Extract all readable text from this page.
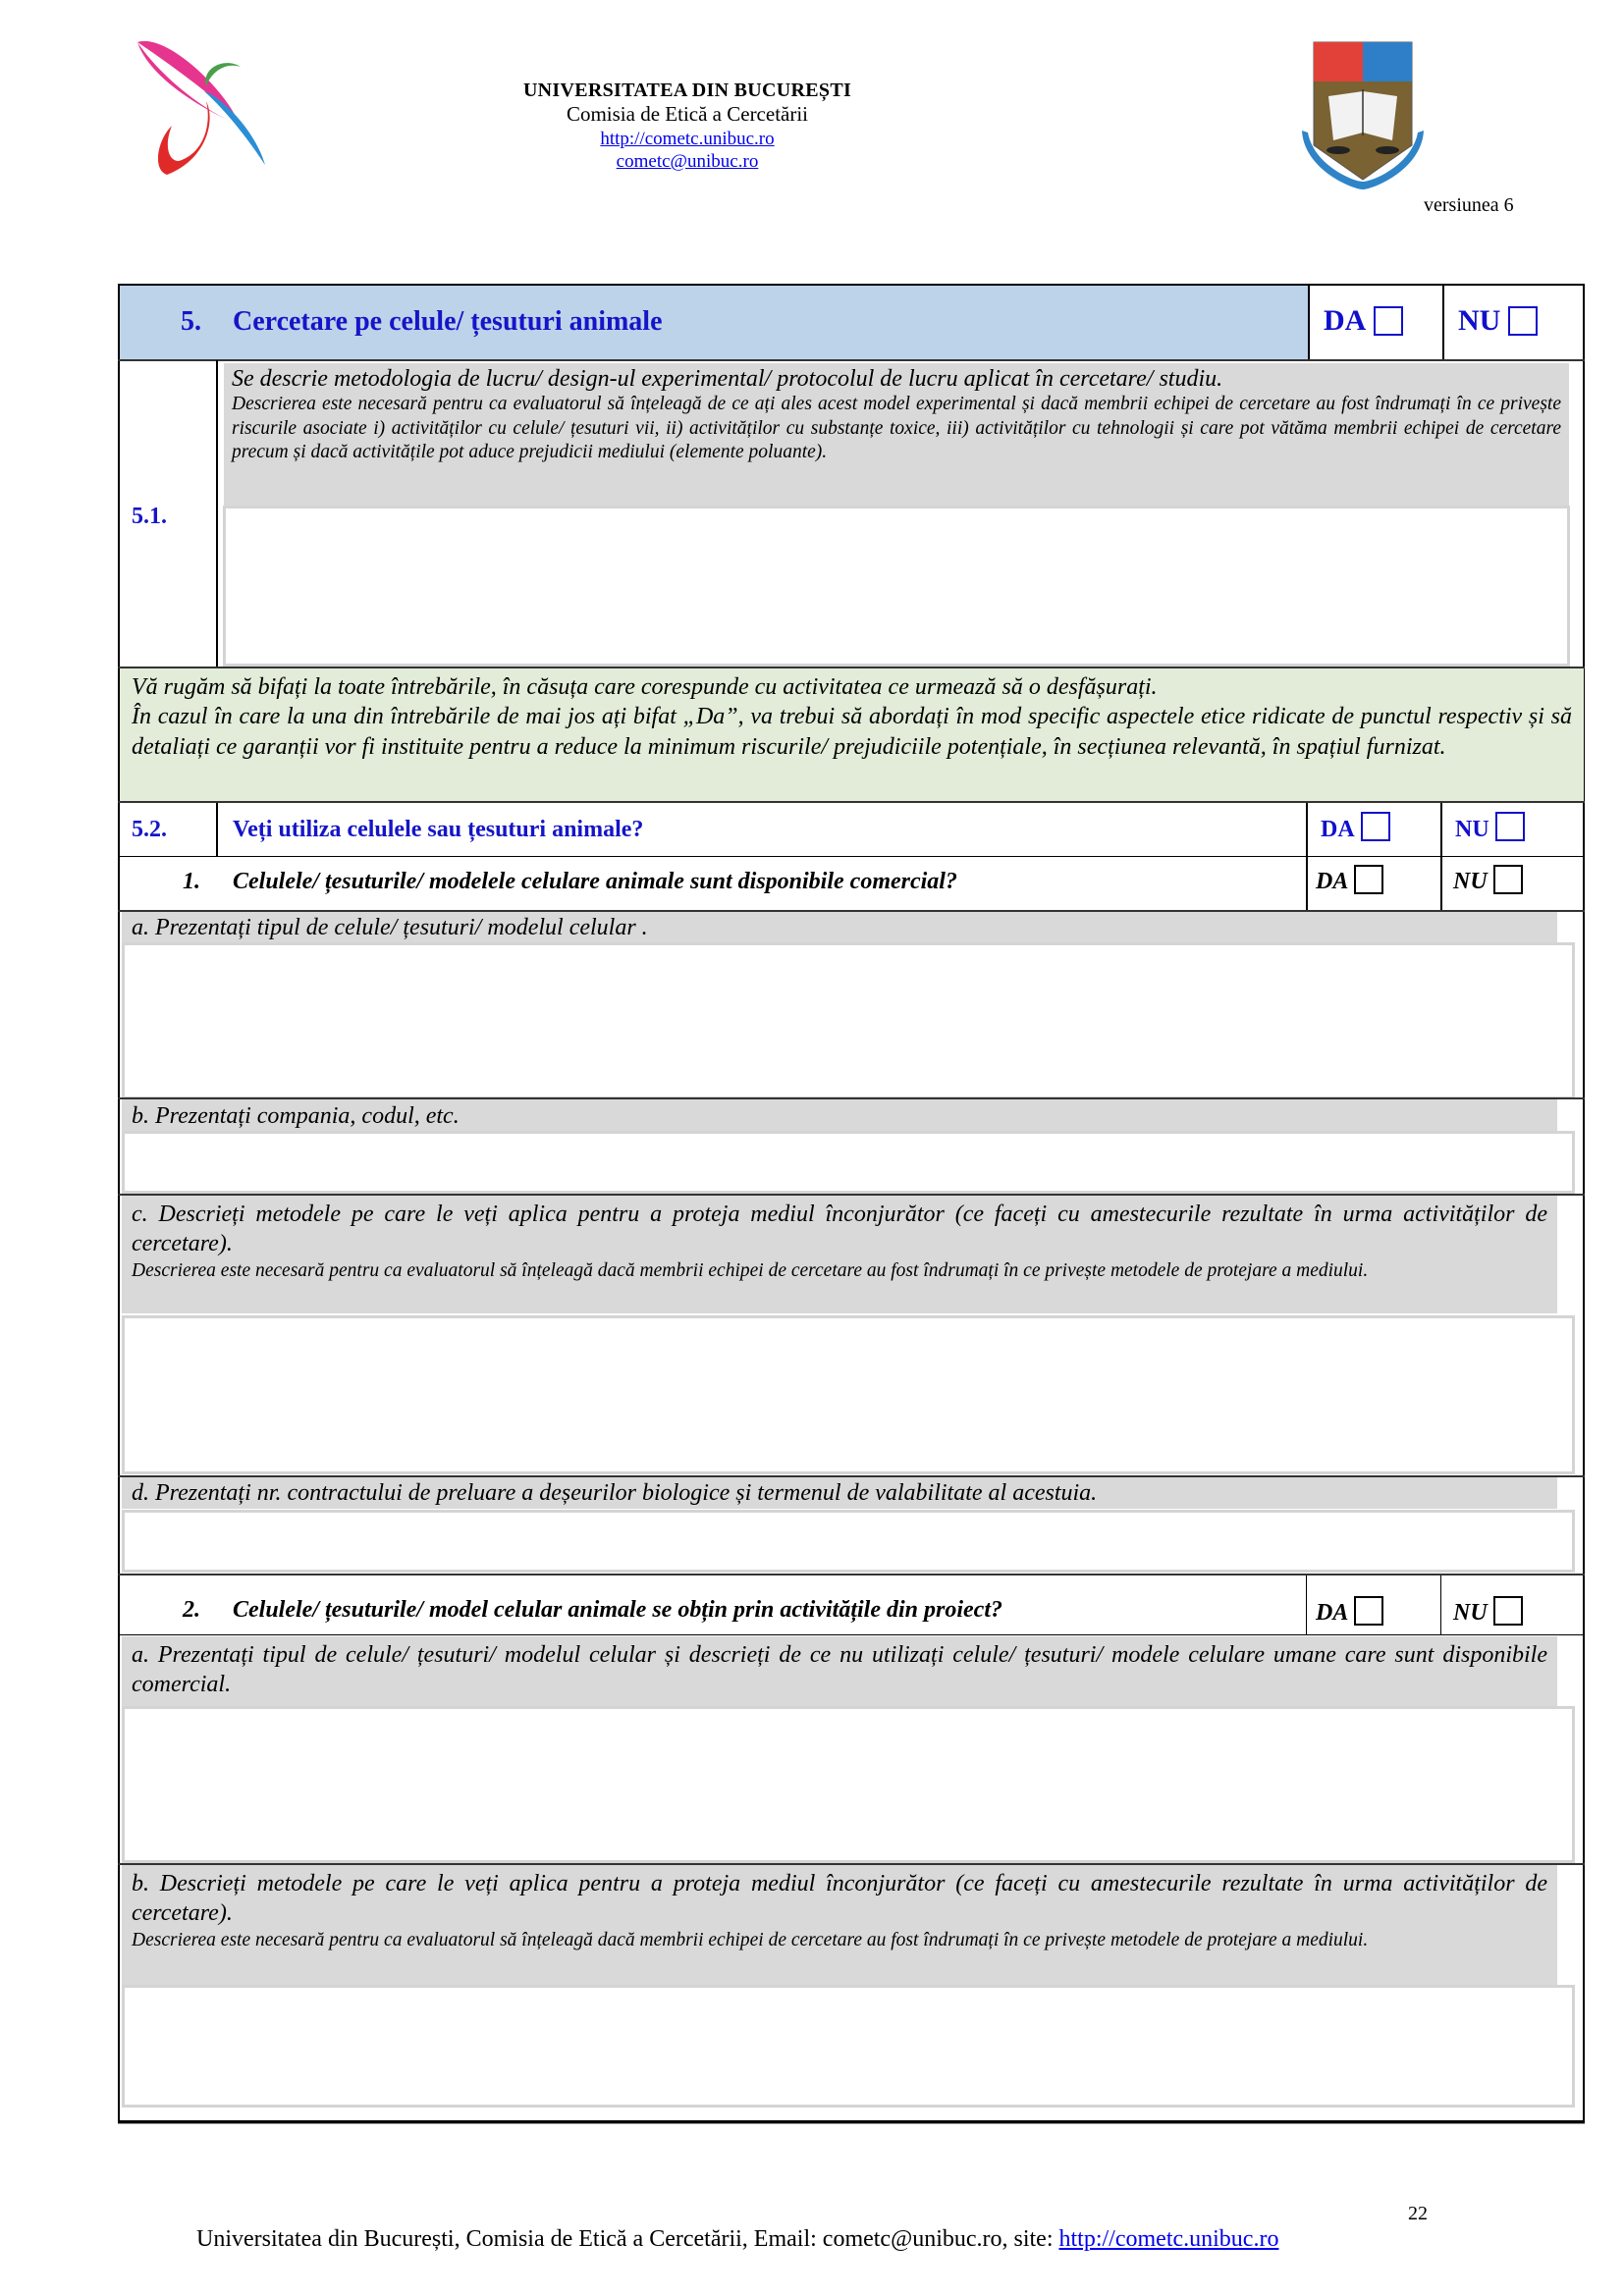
UNIVERSITATEA DIN BUCUREȘTI
Comisia de Etică a Cercetării
http://cometc.unibuc.ro
cometc@unibuc.ro
versiunea 6
5. Cercetare pe celule/ țesuturi animale	DA	NU
5.1.
Se descrie metodologia de lucru/ design-ul experimental/ protocolul de lucru aplicat în cercetare/ studiu.
Descrierea este necesară pentru ca evaluatorul să înțeleagă de ce ați ales acest model experimental și dacă membrii echipei de cercetare au fost îndrumați în ce privește riscurile asociate i) activităților cu celule/ țesuturi vii, ii) activităților cu substanțe toxice, iii) activităților cu tehnologii și care pot vătăma membrii echipei de cercetare precum și dacă activitățile pot aduce prejudicii mediului (elemente poluante).
Vă rugăm să bifați la toate întrebările, în căsuța care corespunde cu activitatea ce urmează să o desfășurați.
În cazul în care la una din întrebările de mai jos ați bifat „Da”, va trebui să abordați în mod specific aspectele etice ridicate de punctul respectiv și să detaliați ce garanții vor fi instituite pentru a reduce la minimum riscurile/ prejudiciile potențiale, în secțiunea relevantă, în spațiul furnizat.
5.2.	Veți utiliza celulele sau țesuturi animale?	DA	NU
1. Celulele/ țesuturile/ modelele celulare animale sunt disponibile comercial?	DA	NU
a. Prezentați tipul de celule/ țesuturi/ modelul celular .
b. Prezentați compania, codul, etc.
c. Descrieți metodele pe care le veți aplica pentru a proteja mediul înconjurător (ce faceți cu amestecurile rezultate în urma activităților de cercetare).
Descrierea este necesară pentru ca evaluatorul să înțeleagă dacă membrii echipei de cercetare au fost îndrumați în ce privește metodele de protejare a mediului.
d. Prezentați nr. contractului de preluare a deșeurilor biologice și termenul de valabilitate al acestuia.
2. Celulele/ țesuturile/ model celular animale se obțin prin activitățile din proiect?	DA	NU
a. Prezentați tipul de celule/ țesuturi/ modelul celular și descrieți de ce nu utilizați celule/ țesuturi/ modele celulare umane care sunt disponibile comercial.
b. Descrieți metodele pe care le veți aplica pentru a proteja mediul înconjurător (ce faceți cu amestecurile rezultate în urma activităților de cercetare).
Descrierea este necesară pentru ca evaluatorul să înțeleagă dacă membrii echipei de cercetare au fost îndrumați în ce privește metodele de protejare a mediului.
22
Universitatea din București, Comisia de Etică a Cercetării, Email: cometc@unibuc.ro, site: http://cometc.unibuc.ro
